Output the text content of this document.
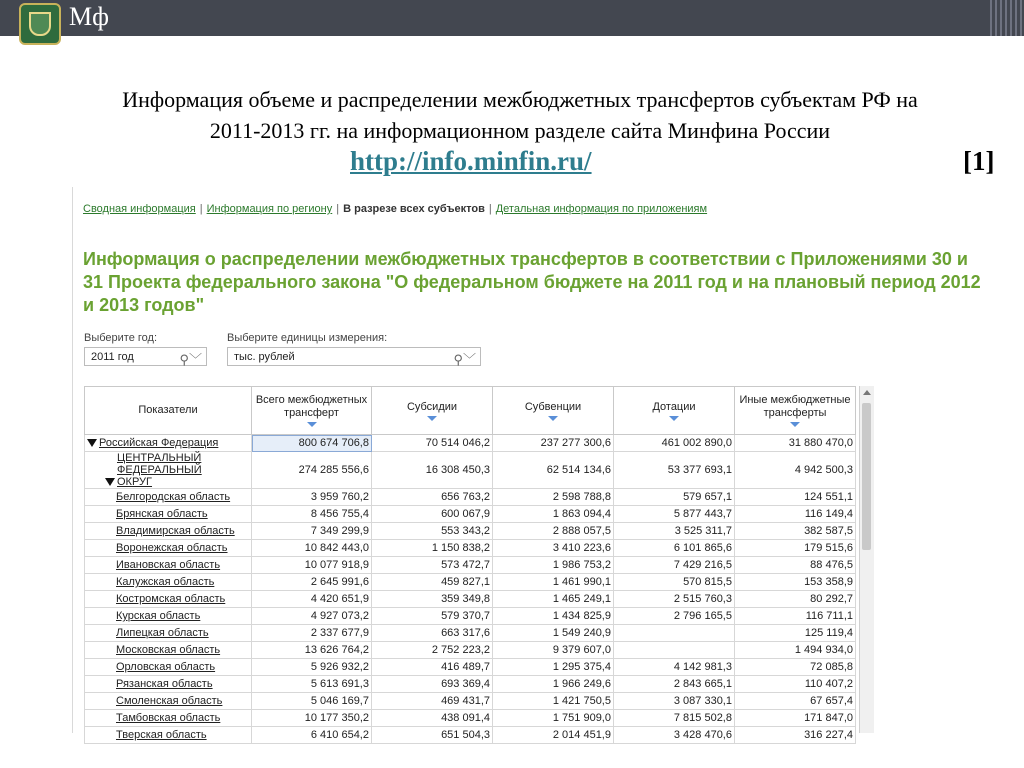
Мф
Информация объеме и распределении межбюджетных трансфертов субъектам РФ на
2011-2013 гг. на информационном разделе сайта Минфина России
http://info.minfin.ru/	[1]
Сводная информация | Информация по региону | В разрезе всех субъектов | Детальная информация по приложениям
Информация о распределении межбюджетных трансфертов в соответствии с Приложениями 30 и 31 Проекта федерального закона "О федеральном бюджете на 2011 год и на плановый период 2012 и 2013 годов"
Выберите год:
2011 год	⚲﹀
Выберите единицы измерения:
тыс. рублей	⚲﹀
Показатели	Всего межбюджетных трансферт	Субсидии	Субвенции	Дотации	Иные межбюджетные трансферты

Российская Федерация	800 674 706,8	70 514 046,2	237 277 300,6	461 002 890,0	31 880 470,0
ЦЕНТРАЛЬНЫЙ ФЕДЕРАЛЬНЫЙ ОКРУГ	274 285 556,6	16 308 450,3	62 514 134,6	53 377 693,1	4 942 500,3
Белгородская область	3 959 760,2	656 763,2	2 598 788,8	579 657,1	124 551,1
Брянская область	8 456 755,4	600 067,9	1 863 094,4	5 877 443,7	116 149,4
Владимирская область	7 349 299,9	553 343,2	2 888 057,5	3 525 311,7	382 587,5
Воронежская область	10 842 443,0	1 150 838,2	3 410 223,6	6 101 865,6	179 515,6
Ивановская область	10 077 918,9	573 472,7	1 986 753,2	7 429 216,5	88 476,5
Калужская область	2 645 991,6	459 827,1	1 461 990,1	570 815,5	153 358,9
Костромская область	4 420 651,9	359 349,8	1 465 249,1	2 515 760,3	80 292,7
Курская область	4 927 073,2	579 370,7	1 434 825,9	2 796 165,5	116 711,1
Липецкая область	2 337 677,9	663 317,6	1 549 240,9		125 119,4
Московская область	13 626 764,2	2 752 223,2	9 379 607,0		1 494 934,0
Орловская область	5 926 932,2	416 489,7	1 295 375,4	4 142 981,3	72 085,8
Рязанская область	5 613 691,3	693 369,4	1 966 249,6	2 843 665,1	110 407,2
Смоленская область	5 046 169,7	469 431,7	1 421 750,5	3 087 330,1	67 657,4
Тамбовская область	10 177 350,2	438 091,4	1 751 909,0	7 815 502,8	171 847,0
Тверская область	6 410 654,2	651 504,3	2 014 451,9	3 428 470,6	316 227,4
